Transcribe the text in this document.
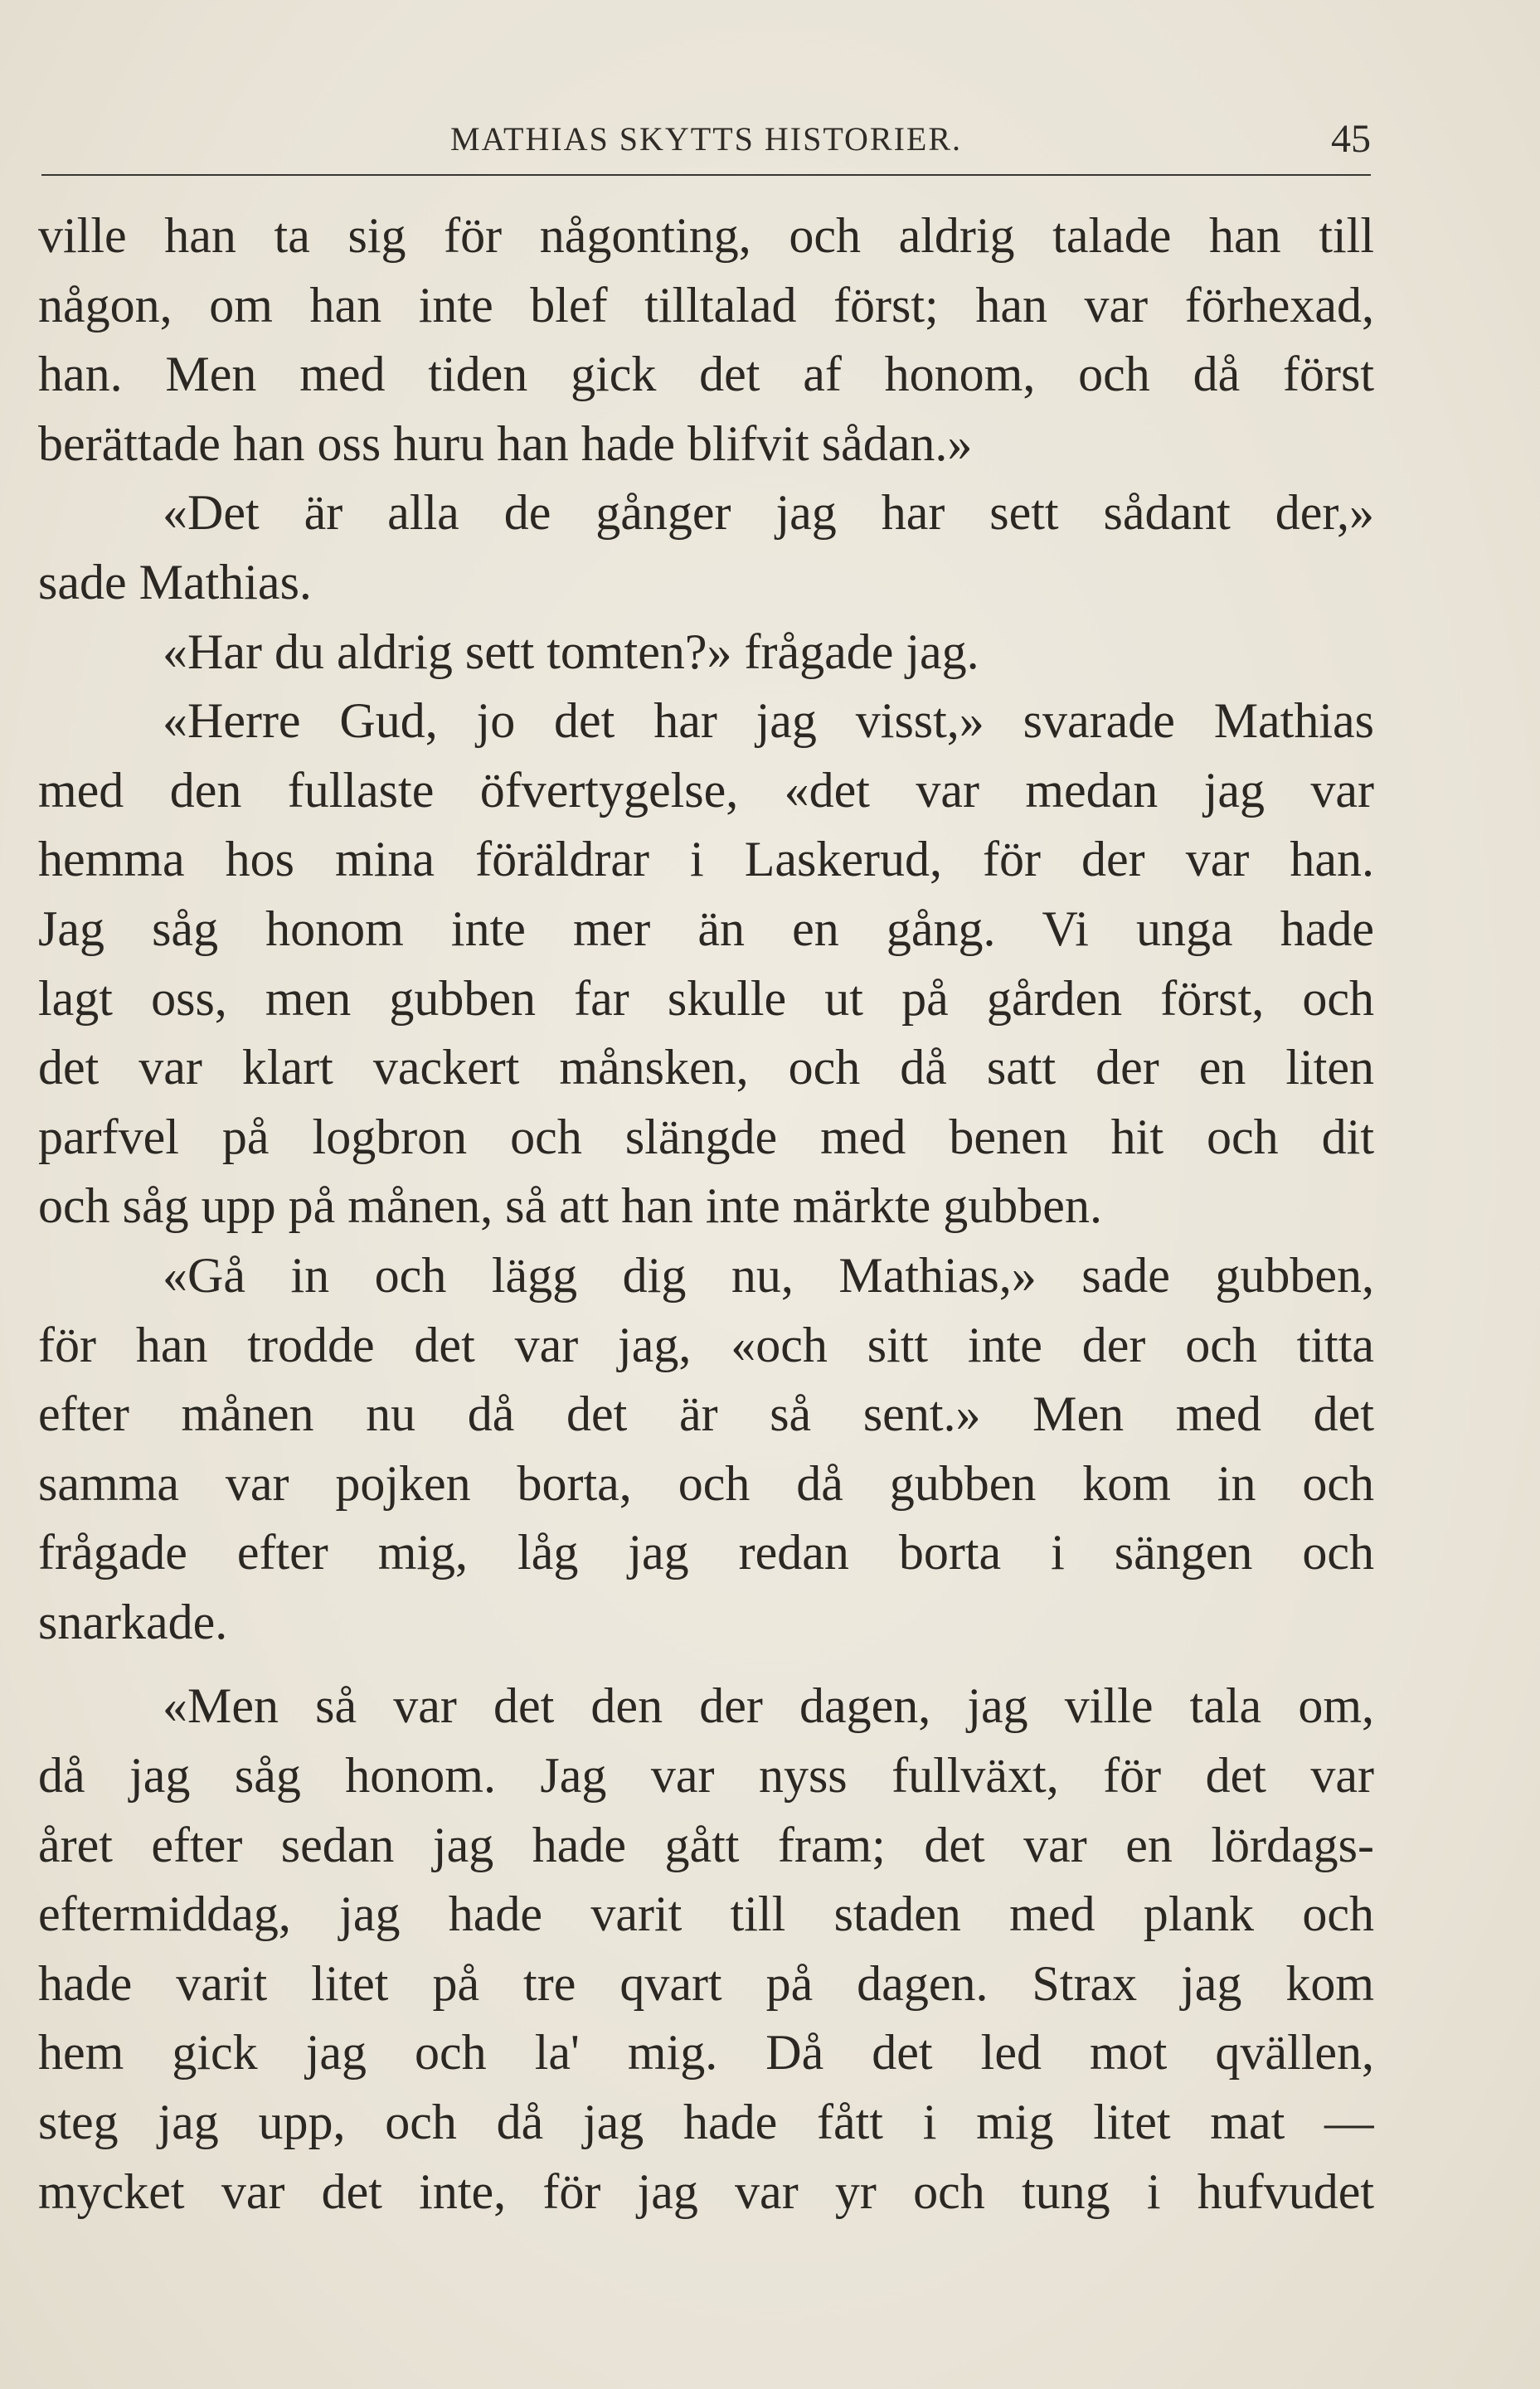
MATHIAS SKYTTS HISTORIER.	45
ville han ta sig för någonting, och aldrig talade han till
någon, om han inte blef tilltalad först; han var förhexad,
han. Men med tiden gick det af honom, och då först
berättade han oss huru han hade blifvit sådan.»
«Det är alla de gånger jag har sett sådant der,»
sade Mathias.
«Har du aldrig sett tomten?» frågade jag.
«Herre Gud, jo det har jag visst,» svarade Mathias
med den fullaste öfvertygelse, «det var medan jag var
hemma hos mina föräldrar i Laskerud, för der var han.
Jag såg honom inte mer än en gång. Vi unga hade
lagt oss, men gubben far skulle ut på gården först, och
det var klart vackert månsken, och då satt der en liten
parfvel på logbron och slängde med benen hit och dit
och såg upp på månen, så att han inte märkte gubben.
«Gå in och lägg dig nu, Mathias,» sade gubben,
för han trodde det var jag, «och sitt inte der och titta
efter månen nu då det är så sent.» Men med det
samma var pojken borta, och då gubben kom in och
frågade efter mig, låg jag redan borta i sängen och
snarkade.
«Men så var det den der dagen, jag ville tala om,
då jag såg honom. Jag var nyss fullväxt, för det var
året efter sedan jag hade gått fram; det var en lördags-
eftermiddag, jag hade varit till staden med plank och
hade varit litet på tre qvart på dagen. Strax jag kom
hem gick jag och la' mig. Då det led mot qvällen,
steg jag upp, och då jag hade fått i mig litet mat —
mycket var det inte, för jag var yr och tung i hufvudet
